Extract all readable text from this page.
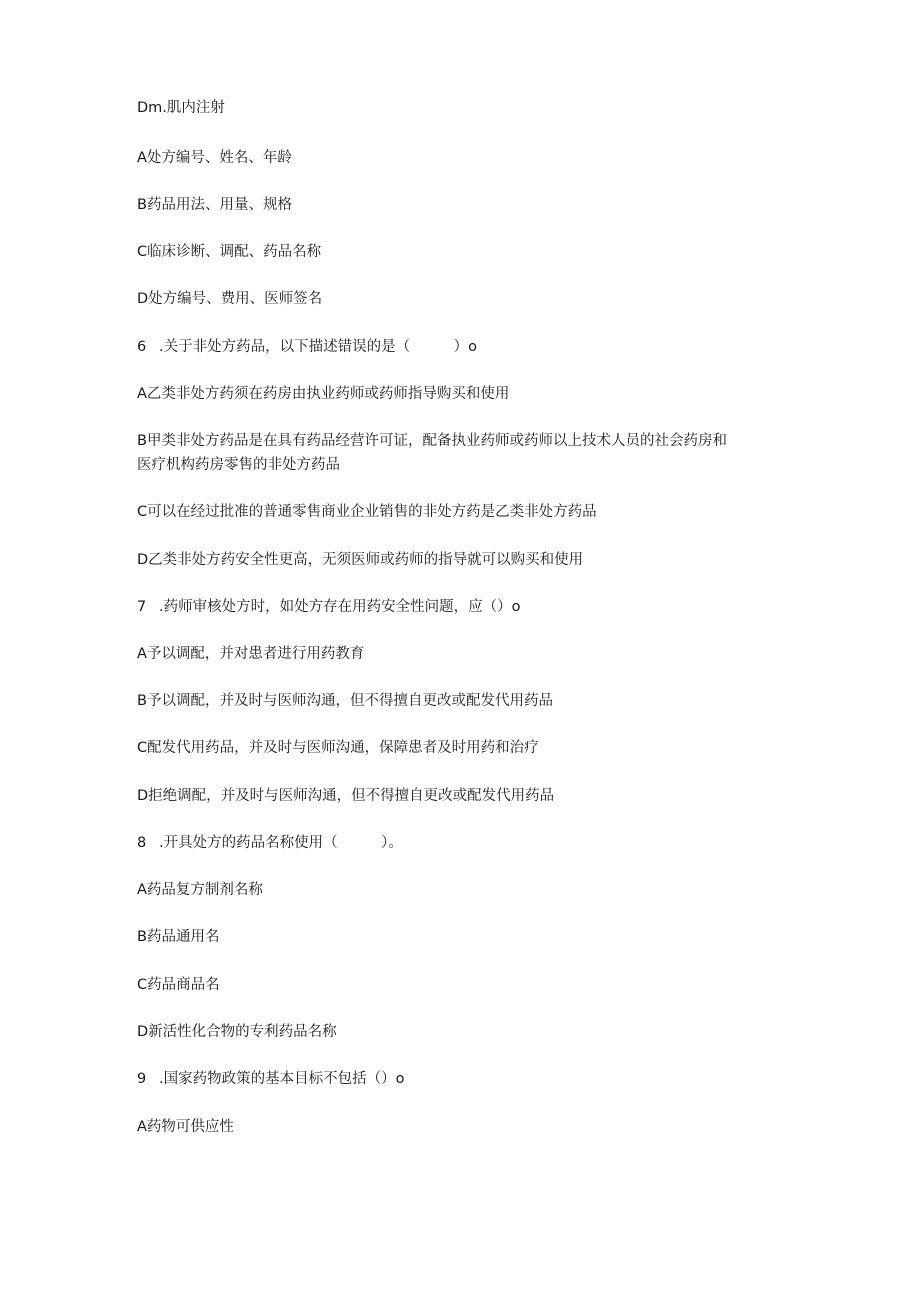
Dm.肌内注射
A处方编号、姓名、年龄
B药品用法、用量、规格
C临床诊断、调配、药品名称
D处方编号、费用、医师签名
6 .关于非处方药品，以下描述错误的是（　　　）o
A乙类非处方药须在药房由执业药师或药师指导购买和使用
B甲类非处方药品是在具有药品经营许可证，配备执业药师或药师以上技术人员的社会药房和
医疗机构药房零售的非处方药品
C可以在经过批准的普通零售商业企业销售的非处方药是乙类非处方药品
D乙类非处方药安全性更高，无须医师或药师的指导就可以购买和使用
7 .药师审核处方时，如处方存在用药安全性问题，应（）o
A予以调配，并对患者进行用药教育
B予以调配，并及时与医师沟通，但不得擅自更改或配发代用药品
C配发代用药品，并及时与医师沟通，保障患者及时用药和治疗
D拒绝调配，并及时与医师沟通，但不得擅自更改或配发代用药品
8 .开具处方的药品名称使用（　　　）。
A药品复方制剂名称
B药品通用名
C药品商品名
D新活性化合物的专利药品名称
9 .国家药物政策的基本目标不包括（）o
A药物可供应性
